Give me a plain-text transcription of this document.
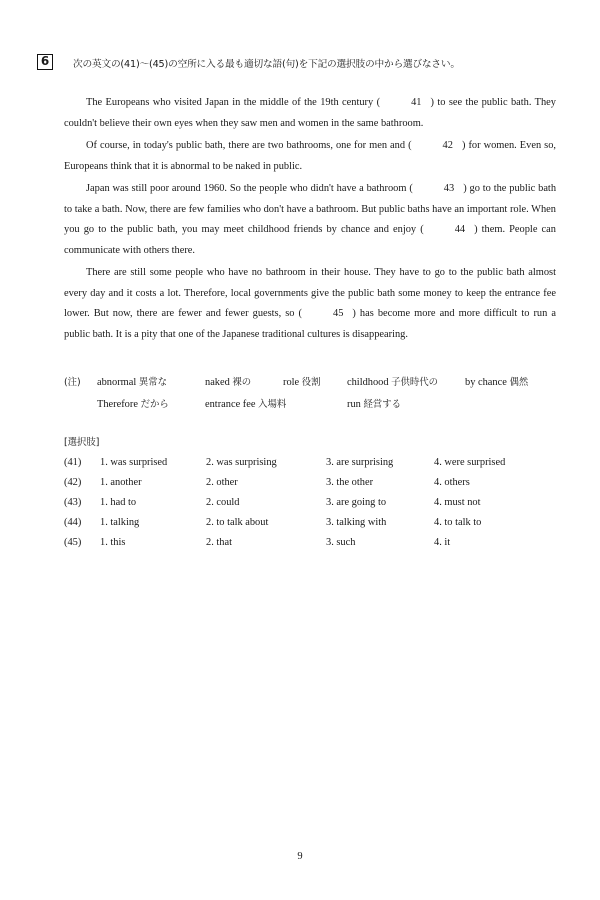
6	次の英文の(41)～(45)の空所に入る最も適切な語(句)を下記の選択肢の中から選びなさい。

The Europeans who visited Japan in the middle of the 19th century (	41 ) to see the public bath. They couldn't believe their own eyes when they saw men and women in the same bathroom.

Of course, in today's public bath, there are two bathrooms, one for men and (	42 ) for women. Even so, Europeans think that it is abnormal to be naked in public.

Japan was still poor around 1960. So the people who didn't have a bathroom (	43 ) go to the public bath to take a bath. Now, there are few families who don't have a bathroom. But public baths have an important role. When you go to the public bath, you may meet childhood friends by chance and enjoy (	44 ) them. People can communicate with others there.

There are still some people who have no bathroom in their house. They have to go to the public bath almost every day and it costs a lot. Therefore, local governments give the public bath some money to keep the entrance fee lower. But now, there are fewer and fewer guests, so (	45 ) has become more and more difficult to run a public bath. It is a pity that one of the Japanese traditional cultures is disappearing.

(注) abnormal 異常な	naked 裸の	role 役割	childhood 子供時代の	by chance 偶然
Therefore だから	entrance fee 入場料	run 経営する
[選択肢]
(41) 1. was surprised	2. was surprising	3. are surprising	4. were surprised
(42) 1. another	2. other	3. the other	4. others
(43) 1. had to	2. could	3. are going to	4. must not
(44) 1. talking	2. to talk about	3. talking with	4. to talk to
(45) 1. this	2. that	3. such	4. it
9
